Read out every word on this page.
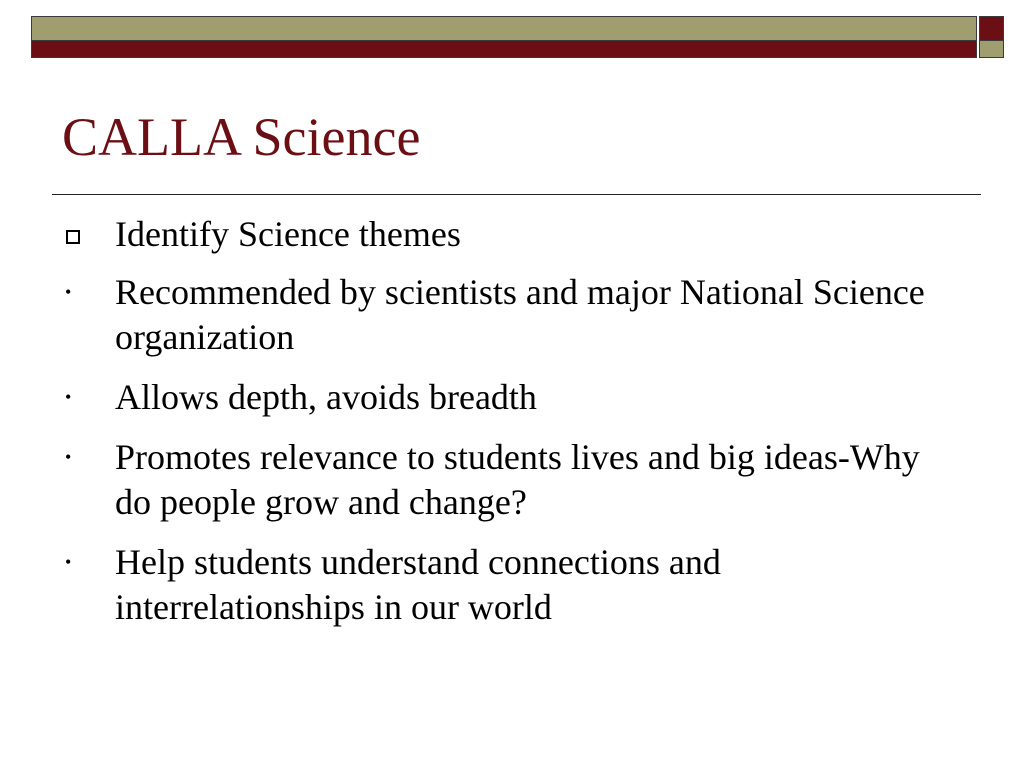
CALLA Science
Identify Science themes
• Recommended by scientists and major National Science organization
• Allows depth, avoids breadth
• Promotes relevance to students lives and big ideas-Why do people grow and change?
• Help students understand connections and interrelationships in our world
